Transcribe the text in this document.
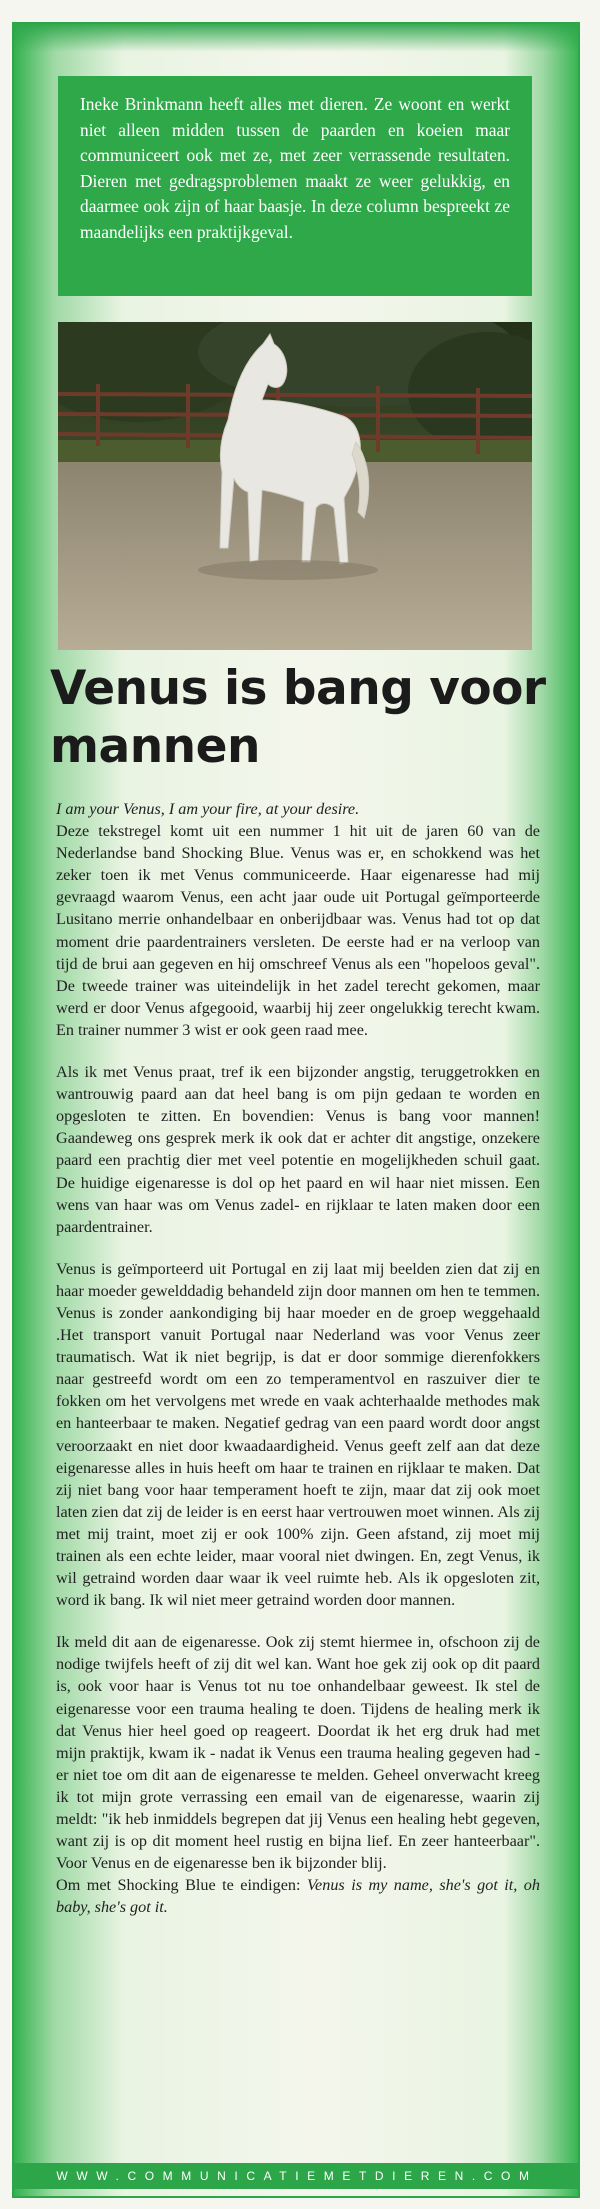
Ineke Brinkmann heeft alles met dieren. Ze woont en werkt niet alleen midden tussen de paarden en koeien maar communiceert ook met ze, met zeer verrassende resultaten. Dieren met gedragsproblemen maakt ze weer gelukkig, en daarmee ook zijn of haar baasje. In deze column bespreekt ze maandelijks een praktijkgeval.
Venus is bang voor mannen

I am your Venus, I am your fire, at your desire.

Deze tekstregel komt uit een nummer 1 hit uit de jaren 60 van de Nederlandse band Shocking Blue. Venus was er, en schokkend was het zeker toen ik met Venus communiceerde. Haar eigenaresse had mij gevraagd waarom Venus, een acht jaar oude uit Portugal geïmporteerde Lusitano merrie onhandelbaar en onberijdbaar was. Venus had tot op dat moment drie paardentrainers versleten. De eerste had er na verloop van tijd de brui aan gegeven en hij omschreef Venus als een "hopeloos geval". De tweede trainer was uiteindelijk in het zadel terecht gekomen, maar werd er door Venus afgegooid, waarbij hij zeer ongelukkig terecht kwam. En trainer nummer 3 wist er ook geen raad mee.

Als ik met Venus praat, tref ik een bijzonder angstig, teruggetrokken en wantrouwig paard aan dat heel bang is om pijn gedaan te worden en opgesloten te zitten. En bovendien: Venus is bang voor mannen! Gaandeweg ons gesprek merk ik ook dat er achter dit angstige, onzekere paard een prachtig dier met veel potentie en mogelijkheden schuil gaat. De huidige eigenaresse is dol op het paard en wil haar niet missen. Een wens van haar was om Venus zadel- en rijklaar te laten maken door een paardentrainer.

Venus is geïmporteerd uit Portugal en zij laat mij beelden zien dat zij en haar moeder gewelddadig behandeld zijn door mannen om hen te temmen. Venus is zonder aankondiging bij haar moeder en de groep weggehaald .Het transport vanuit Portugal naar Nederland was voor Venus zeer traumatisch. Wat ik niet begrijp, is dat er door sommige dierenfokkers naar gestreefd wordt om een zo temperamentvol en raszuiver dier te fokken om het vervolgens met wrede en vaak achterhaalde methodes mak en hanteerbaar te maken. Negatief gedrag van een paard wordt door angst veroorzaakt en niet door kwaadaardigheid. Venus geeft zelf aan dat deze eigenaresse alles in huis heeft om haar te trainen en rijklaar te maken. Dat zij niet bang voor haar temperament hoeft te zijn, maar dat zij ook moet laten zien dat zij de leider is en eerst haar vertrouwen moet winnen. Als zij met mij traint, moet zij er ook 100% zijn. Geen afstand, zij moet mij trainen als een echte leider, maar vooral niet dwingen. En, zegt Venus, ik wil getraind worden daar waar ik veel ruimte heb. Als ik opgesloten zit, word ik bang. Ik wil niet meer getraind worden door mannen.

Ik meld dit aan de eigenaresse. Ook zij stemt hiermee in, ofschoon zij de nodige twijfels heeft of zij dit wel kan. Want hoe gek zij ook op dit paard is, ook voor haar is Venus tot nu toe onhandelbaar geweest. Ik stel de eigenaresse voor een trauma healing te doen. Tijdens de healing merk ik dat Venus hier heel goed op reageert. Doordat ik het erg druk had met mijn praktijk, kwam ik - nadat ik Venus een trauma healing gegeven had - er niet toe om dit aan de eigenaresse te melden. Geheel onverwacht kreeg ik tot mijn grote verrassing een email van de eigenaresse, waarin zij meldt: "ik heb inmiddels begrepen dat jij Venus een healing hebt gegeven, want zij is op dit moment heel rustig en bijna lief. En zeer hanteerbaar". Voor Venus en de eigenaresse ben ik bijzonder blij.

Om met Shocking Blue te eindigen: Venus is my name, she's got it, oh baby, she's got it.

WWW.COMMUNICATIEMETDIEREN.COM
